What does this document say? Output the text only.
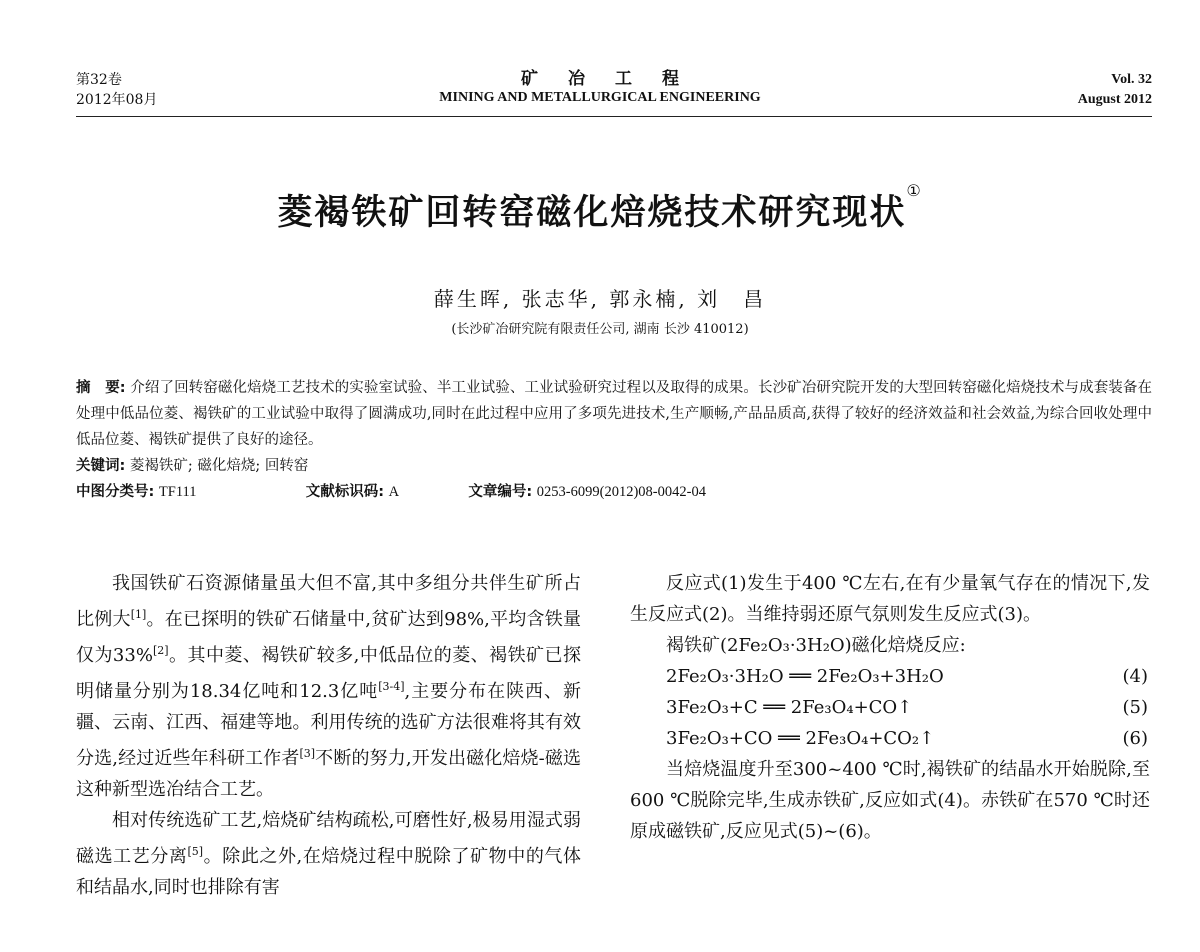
第32卷
2012年08月
矿冶工程
MINING AND METALLURGICAL ENGINEERING
Vol. 32
August 2012
菱褐铁矿回转窑磁化焙烧技术研究现状①
薛生晖, 张志华, 郭永楠, 刘　昌
(长沙矿冶研究院有限责任公司, 湖南 长沙 410012)
摘　要: 介绍了回转窑磁化焙烧工艺技术的实验室试验、半工业试验、工业试验研究过程以及取得的成果。长沙矿冶研究院开发的大型回转窑磁化焙烧技术与成套装备在处理中低品位菱、褐铁矿的工业试验中取得了圆满成功,同时在此过程中应用了多项先进技术,生产顺畅,产品品质高,获得了较好的经济效益和社会效益,为综合回收处理中低品位菱、褐铁矿提供了良好的途径。
关键词: 菱褐铁矿; 磁化焙烧; 回转窑
中图分类号: TF111	文献标识码: A	文章编号: 0253-6099(2012)08-0042-04

我国铁矿石资源储量虽大但不富,其中多组分共伴生矿所占比例大[1]。在已探明的铁矿石储量中,贫矿达到98%,平均含铁量仅为33%[2]。其中菱、褐铁矿较多,中低品位的菱、褐铁矿已探明储量分别为18.34亿吨和12.3亿吨[3-4],主要分布在陕西、新疆、云南、江西、福建等地。利用传统的选矿方法很难将其有效分选,经过近些年科研工作者[3]不断的努力,开发出磁化焙烧-磁选这种新型选冶结合工艺。

相对传统选矿工艺,焙烧矿结构疏松,可磨性好,极易用湿式弱磁选工艺分离[5]。除此之外,在焙烧过程中脱除了矿物中的气体和结晶水,同时也排除有害

反应式(1)发生于400 ℃左右,在有少量氧气存在的情况下,发生反应式(2)。当维持弱还原气氛则发生反应式(3)。

褐铁矿(2Fe₂O₃·3H₂O)磁化焙烧反应:

2Fe₂O₃·3H₂O ══ 2Fe₂O₃+3H₂O	(4)
3Fe₂O₃+C ══ 2Fe₃O₄+CO↑	(5)
3Fe₂O₃+CO ══ 2Fe₃O₄+CO₂↑	(6)

当焙烧温度升至300~400 ℃时,褐铁矿的结晶水开始脱除,至600 ℃脱除完毕,生成赤铁矿,反应如式(4)。赤铁矿在570 ℃时还原成磁铁矿,反应见式(5)~(6)。
